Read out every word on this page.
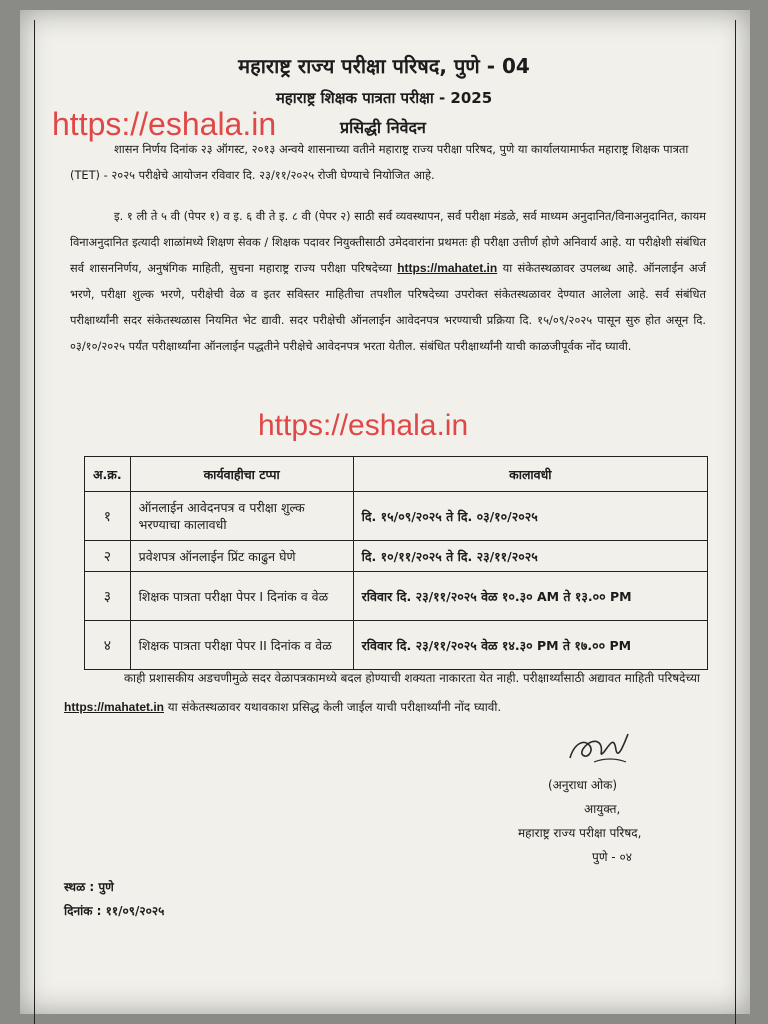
महाराष्ट्र राज्य परीक्षा परिषद, पुणे - 04
महाराष्ट्र शिक्षक पात्रता परीक्षा - 2025
https://eshala.in	प्रसिद्धी निवेदन
शासन निर्णय दिनांक २३ ऑगस्ट, २०१३ अन्वये शासनाच्या वतीने महाराष्ट्र राज्य परीक्षा परिषद, पुणे या कार्यालयामार्फत महाराष्ट्र शिक्षक पात्रता (TET) - २०२५ परीक्षेचे आयोजन रविवार दि. २३/११/२०२५ रोजी घेण्याचे नियोजित आहे.
इ. १ ली ते ५ वी (पेपर १) व इ. ६ वी ते इ. ८ वी (पेपर २) साठी सर्व व्यवस्थापन, सर्व परीक्षा मंडळे, सर्व माध्यम अनुदानित/विनाअनुदानित, कायम विनाअनुदानित इत्यादी शाळांमध्ये शिक्षण सेवक / शिक्षक पदावर नियुक्तीसाठी उमेदवारांना प्रथमतः ही परीक्षा उत्तीर्ण होणे अनिवार्य आहे. या परीक्षेशी संबंधित सर्व शासननिर्णय, अनुषंगिक माहिती, सुचना महाराष्ट्र राज्य परीक्षा परिषदेच्या https://mahatet.in या संकेतस्थळावर उपलब्ध आहे. ऑनलाईन अर्ज भरणे, परीक्षा शुल्क भरणे, परीक्षेची वेळ व इतर सविस्तर माहितीचा तपशील परिषदेच्या उपरोक्त संकेतस्थळावर देण्यात आलेला आहे. सर्व संबंधित परीक्षार्थ्यांनी सदर संकेतस्थळास नियमित भेट द्यावी. सदर परीक्षेची ऑनलाईन आवेदनपत्र भरण्याची प्रक्रिया दि. १५/०९/२०२५ पासून सुरु होत असून दि. ०३/१०/२०२५ पर्यंत परीक्षार्थ्यांना ऑनलाईन पद्धतीने परीक्षेचे आवेदनपत्र भरता येतील. संबंधित परीक्षार्थ्यांनी याची काळजीपूर्वक नोंद घ्यावी.
https://eshala.in
अ.क्र.	कार्यवाहीचा टप्पा	कालावधी
१	ऑनलाईन आवेदनपत्र व परीक्षा शुल्क भरण्याचा कालावधी	दि. १५/०९/२०२५ ते दि. ०३/१०/२०२५
२	प्रवेशपत्र ऑनलाईन प्रिंट काढुन घेणे	दि. १०/११/२०२५ ते दि. २३/११/२०२५
३	शिक्षक पात्रता परीक्षा पेपर I दिनांक व वेळ	रविवार दि. २३/११/२०२५ वेळ १०.३० AM ते १३.०० PM
४	शिक्षक पात्रता परीक्षा पेपर II दिनांक व वेळ	रविवार दि. २३/११/२०२५ वेळ १४.३० PM ते १७.०० PM
काही प्रशासकीय अडचणीमुळे सदर वेळापत्रकामध्ये बदल होण्याची शक्यता नाकारता येत नाही. परीक्षार्थ्यांसाठी अद्यावत माहिती परिषदेच्या https://mahatet.in या संकेतस्थळावर यथावकाश प्रसिद्ध केली जाईल याची परीक्षार्थ्यांनी नोंद घ्यावी.
(अनुराधा ओक)
आयुक्त,
महाराष्ट्र राज्य परीक्षा परिषद,
पुणे - ०४
स्थळ : पुणे
दिनांक : ११/०९/२०२५
